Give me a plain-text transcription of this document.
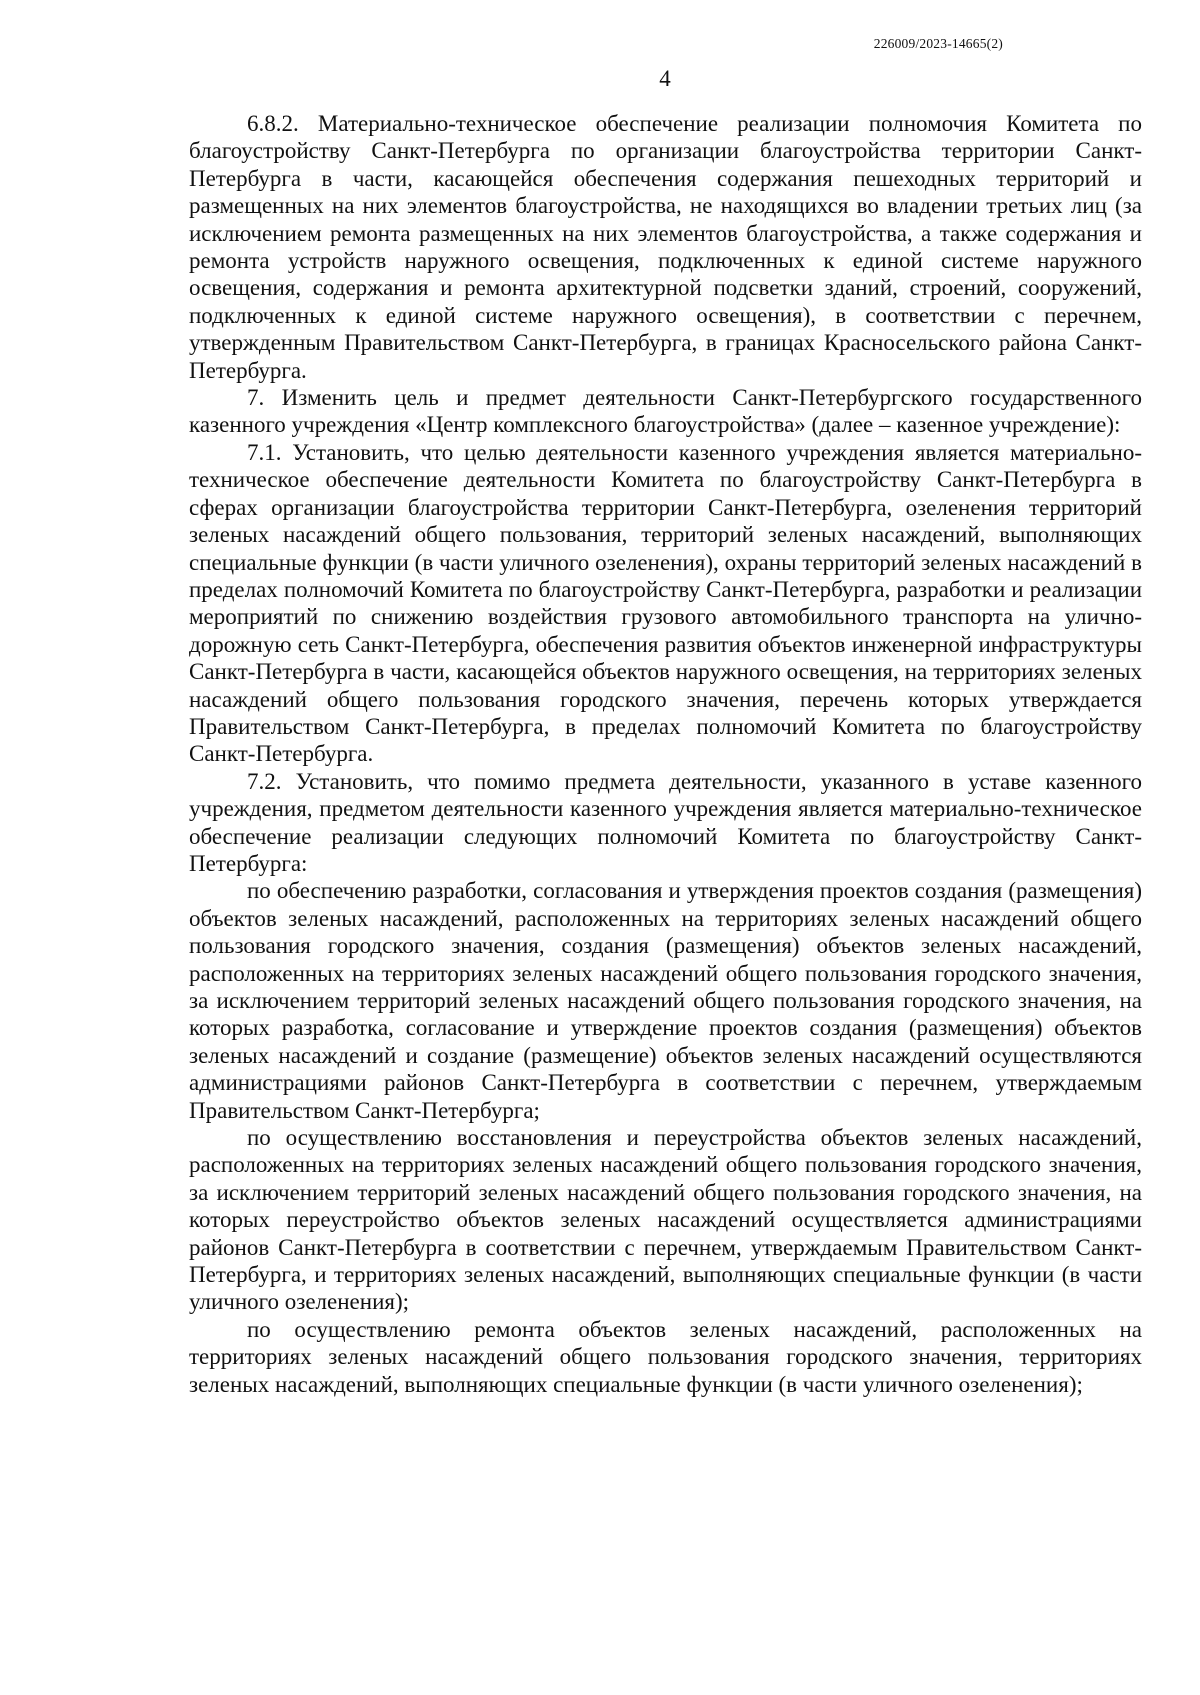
226009/2023-14665(2)
4

6.8.2. Материально-техническое обеспечение реализации полномочия Комитета по благоустройству Санкт-Петербурга по организации благоустройства территории Санкт-Петербурга в части, касающейся обеспечения содержания пешеходных территорий и размещенных на них элементов благоустройства, не находящихся во владении третьих лиц (за исключением ремонта размещенных на них элементов благоустройства, а также содержания и ремонта устройств наружного освещения, подключенных к единой системе наружного освещения, содержания и ремонта архитектурной подсветки зданий, строений, сооружений, подключенных к единой системе наружного освещения), в соответствии с перечнем, утвержденным Правительством Санкт-Петербурга, в границах Красносельского района Санкт-Петербурга.

7. Изменить цель и предмет деятельности Санкт-Петербургского государственного казенного учреждения «Центр комплексного благоустройства» (далее – казенное учреждение):

7.1. Установить, что целью деятельности казенного учреждения является материально-техническое обеспечение деятельности Комитета по благоустройству Санкт-Петербурга в сферах организации благоустройства территории Санкт-Петербурга, озеленения территорий зеленых насаждений общего пользования, территорий зеленых насаждений, выполняющих специальные функции (в части уличного озеленения), охраны территорий зеленых насаждений в пределах полномочий Комитета по благоустройству Санкт-Петербурга, разработки и реализации мероприятий по снижению воздействия грузового автомобильного транспорта на улично-дорожную сеть Санкт-Петербурга, обеспечения развития объектов инженерной инфраструктуры Санкт-Петербурга в части, касающейся объектов наружного освещения, на территориях зеленых насаждений общего пользования городского значения, перечень которых утверждается Правительством Санкт-Петербурга, в пределах полномочий Комитета по благоустройству Санкт-Петербурга.

7.2. Установить, что помимо предмета деятельности, указанного в уставе казенного учреждения, предметом деятельности казенного учреждения является материально-техническое обеспечение реализации следующих полномочий Комитета по благоустройству Санкт-Петербурга:

по обеспечению разработки, согласования и утверждения проектов создания (размещения) объектов зеленых насаждений, расположенных на территориях зеленых насаждений общего пользования городского значения, создания (размещения) объектов зеленых насаждений, расположенных на территориях зеленых насаждений общего пользования городского значения, за исключением территорий зеленых насаждений общего пользования городского значения, на которых разработка, согласование и утверждение проектов создания (размещения) объектов зеленых насаждений и создание (размещение) объектов зеленых насаждений осуществляются администрациями районов Санкт-Петербурга в соответствии с перечнем, утверждаемым Правительством Санкт-Петербурга;

по осуществлению восстановления и переустройства объектов зеленых насаждений, расположенных на территориях зеленых насаждений общего пользования городского значения, за исключением территорий зеленых насаждений общего пользования городского значения, на которых переустройство объектов зеленых насаждений осуществляется администрациями районов Санкт-Петербурга в соответствии с перечнем, утверждаемым Правительством Санкт-Петербурга, и территориях зеленых насаждений, выполняющих специальные функции (в части уличного озеленения);

по осуществлению ремонта объектов зеленых насаждений, расположенных на территориях зеленых насаждений общего пользования городского значения, территориях зеленых насаждений, выполняющих специальные функции (в части уличного озеленения);
